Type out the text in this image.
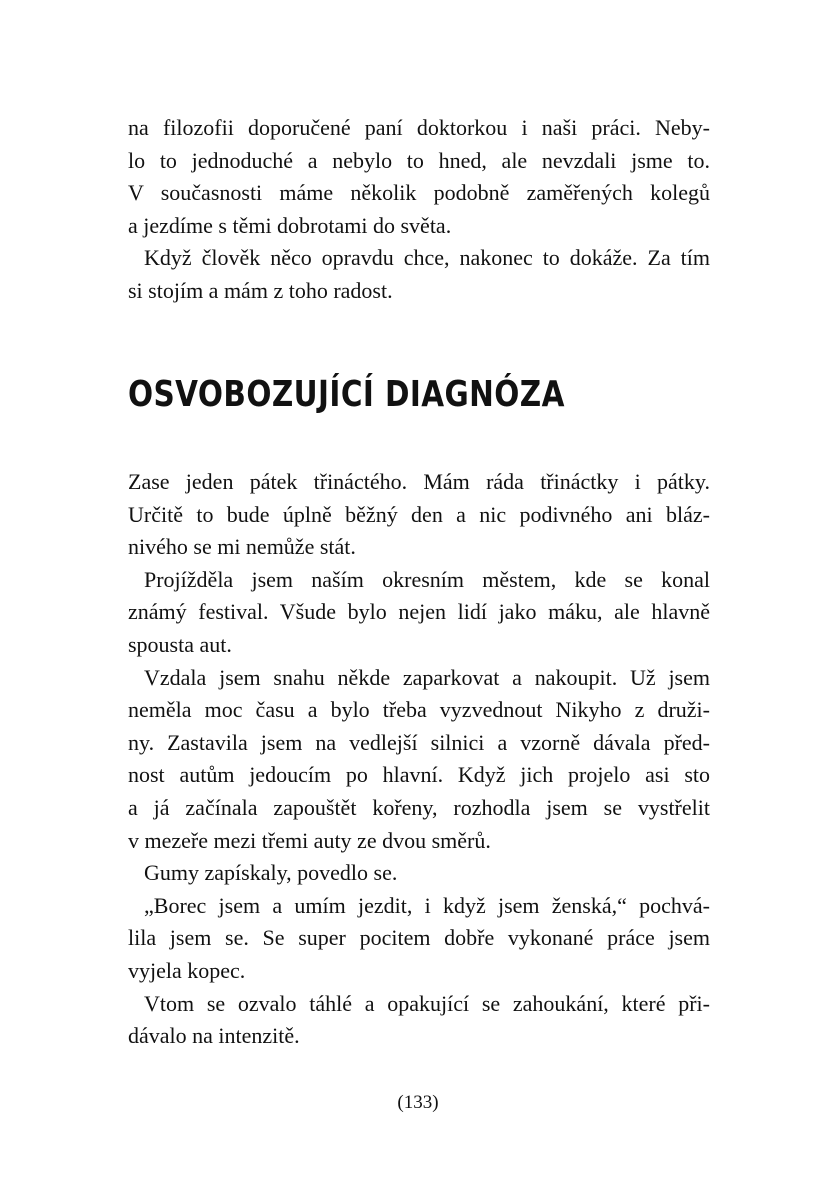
na filozofii doporučené paní doktorkou i naši práci. Neby-
lo to jednoduché a nebylo to hned, ale nevzdali jsme to.
V současnosti máme několik podobně zaměřených kolegů
a jezdíme s těmi dobrotami do světa.

Když člověk něco opravdu chce, nakonec to dokáže. Za tím
si stojím a mám z toho radost.

OSVOBOZUJÍCÍ DIAGNÓZA

Zase jeden pátek třináctého. Mám ráda třináctky i pátky.
Určitě to bude úplně běžný den a nic podivného ani bláz-
nivého se mi nemůže stát.

Projížděla jsem naším okresním městem, kde se konal
známý festival. Všude bylo nejen lidí jako máku, ale hlavně
spousta aut.

Vzdala jsem snahu někde zaparkovat a nakoupit. Už jsem
neměla moc času a bylo třeba vyzvednout Nikyho z druži-
ny. Zastavila jsem na vedlejší silnici a vzorně dávala před-
nost autům jedoucím po hlavní. Když jich projelo asi sto
a já začínala zapouštět kořeny, rozhodla jsem se vystřelit
v mezeře mezi třemi auty ze dvou směrů.

Gumy zapískaly, povedlo se.

„Borec jsem a umím jezdit, i když jsem ženská,“ pochvá-
lila jsem se. Se super pocitem dobře vykonané práce jsem
vyjela kopec.

Vtom se ozvalo táhlé a opakující se zahoukání, které při-
dávalo na intenzitě.

(133)
